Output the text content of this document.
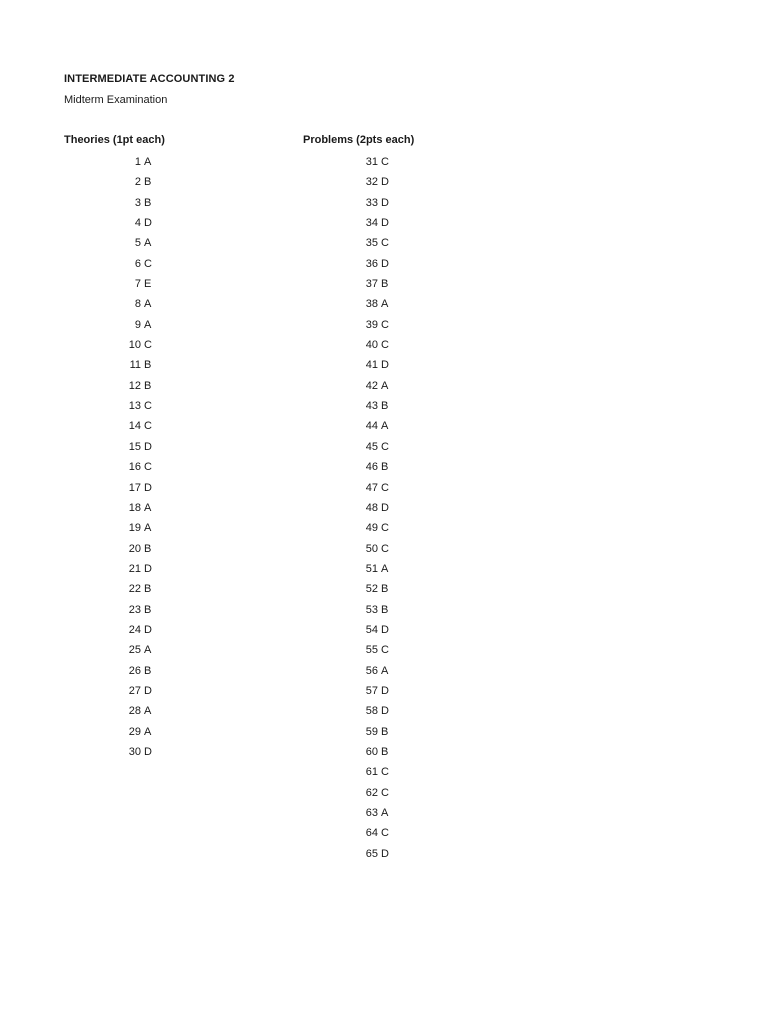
INTERMEDIATE ACCOUNTING 2
Midterm Examination
Theories (1pt each)	Problems (2pts each)
1 A
2 B
3 B
4 D
5 A
6 C
7 E
8 A
9 A
10 C
11 B
12 B
13 C
14 C
15 D
16 C
17 D
18 A
19 A
20 B
21 D
22 B
23 B
24 D
25 A
26 B
27 D
28 A
29 A
30 D
31 C
32 D
33 D
34 D
35 C
36 D
37 B
38 A
39 C
40 C
41 D
42 A
43 B
44 A
45 C
46 B
47 C
48 D
49 C
50 C
51 A
52 B
53 B
54 D
55 C
56 A
57 D
58 D
59 B
60 B
61 C
62 C
63 A
64 C
65 D
